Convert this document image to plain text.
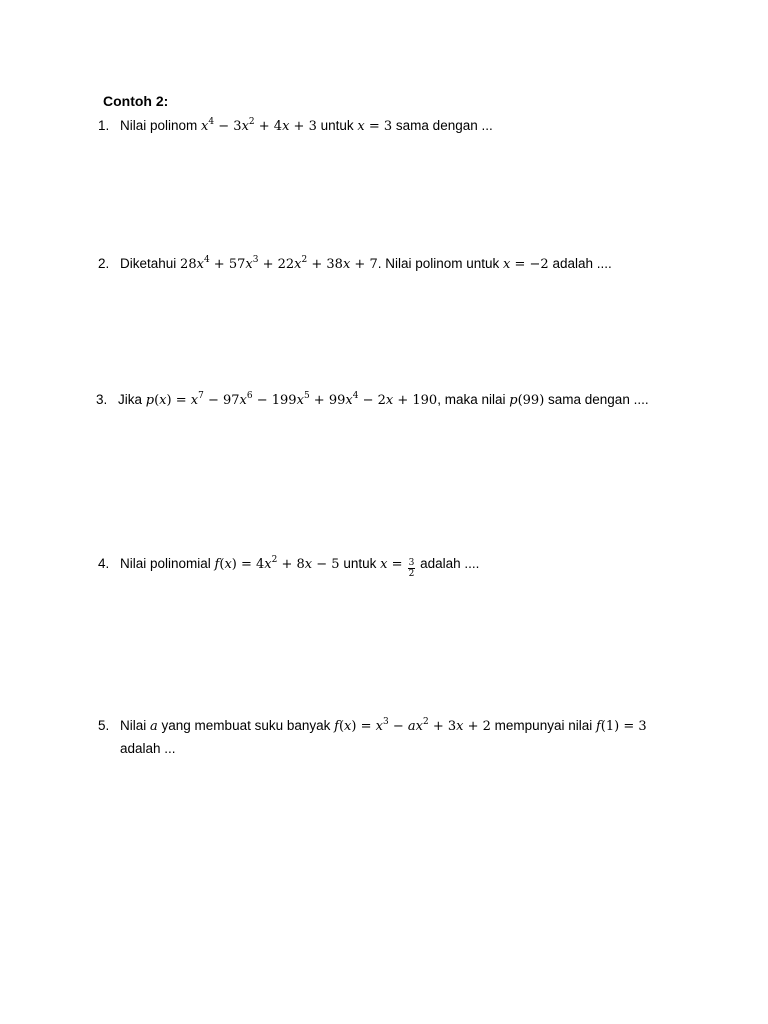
Contoh 2:
1. Nilai polinom $x^4 - 3x^2 + 4x + 3$ untuk x = 3 sama dengan ...
2. Diketahui $28x^4 + 57x^3 + 22x^2 + 38x + 7$. Nilai polinom untuk x = −2 adalah ....
3. Jika $p(x) = x^7 - 97x^6 - 199x^5 + 99x^4 - 2x + 190$, maka nilai p(99) sama dengan ....
4. Nilai polinomial $f(x) = 4x^2 + 8x - 5$ untuk $x = \frac{3}{2}$ adalah ....
5. Nilai a yang membuat suku banyak $f(x) = x^3 - ax^2 + 3x + 2$ mempunyai nilai f(1) = 3
adalah ...
